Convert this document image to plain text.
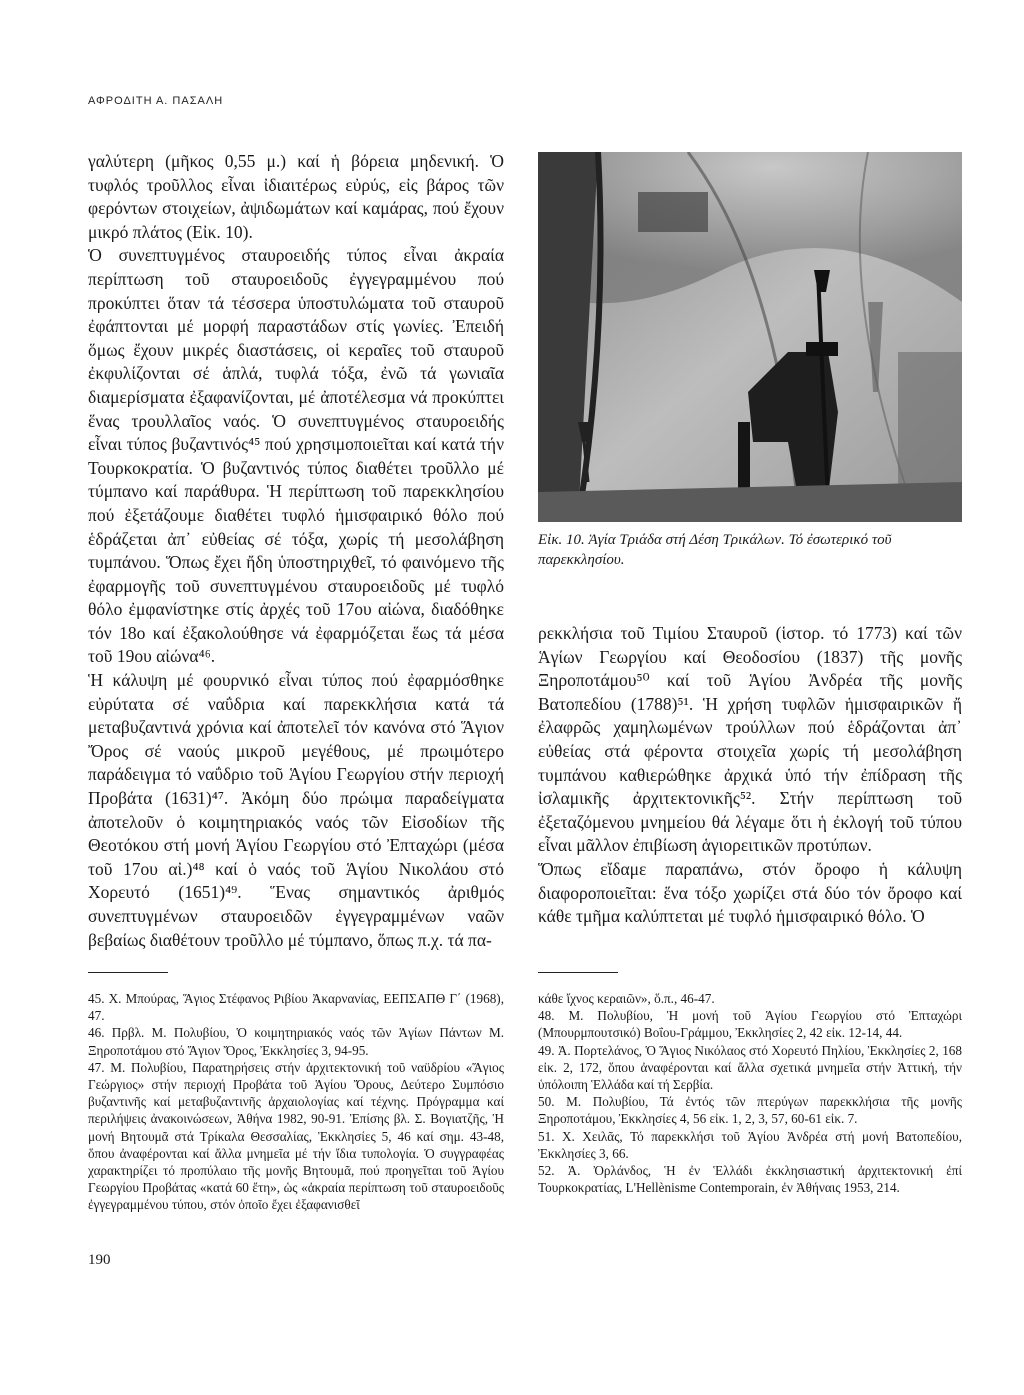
ΑΦΡΟΔΙΤΗ Α. ΠΑΣΑΛΗ

γαλύτερη (μῆκος 0,55 μ.) καί ἡ βόρεια μηδενική. Ὁ τυφλός τροῦλλος εἶναι ἰδιαιτέρως εὐρύς, εἰς βάρος τῶν φερόντων στοιχείων, ἀψιδωμάτων καί καμάρας, πού ἔχουν μικρό πλάτος (Εἰκ. 10).

Ὁ συνεπτυγμένος σταυροειδής τύπος εἶναι ἀκραία περίπτωση τοῦ σταυροειδοῦς ἐγγεγραμμένου πού προκύπτει ὅταν τά τέσσερα ὑποστυλώματα τοῦ σταυροῦ ἐφάπτονται μέ μορφή παραστάδων στίς γωνίες. Ἐπειδή ὅμως ἔχουν μικρές διαστάσεις, οἱ κεραῖες τοῦ σταυροῦ ἐκφυλίζονται σέ ἁπλά, τυφλά τόξα, ἐνῶ τά γωνιαῖα διαμερίσματα ἐξαφανίζονται, μέ ἀποτέλεσμα νά προκύπτει ἕνας τρουλλαῖος ναός. Ὁ συνεπτυγμένος σταυροειδής εἶναι τύπος βυζαντινός⁴⁵ πού χρησιμοποιεῖται καί κατά τήν Τουρκοκρατία. Ὁ βυζαντινός τύπος διαθέτει τροῦλλο μέ τύμπανο καί παράθυρα. Ἡ περίπτωση τοῦ παρεκκλησίου πού ἐξετάζουμε διαθέτει τυφλό ἡμισφαιρικό θόλο πού ἑδράζεται ἀπ᾽ εὐθείας σέ τόξα, χωρίς τή μεσολάβηση τυμπάνου. Ὅπως ἔχει ἤδη ὑποστηριχθεῖ, τό φαινόμενο τῆς ἐφαρμογῆς τοῦ συνεπτυγμένου σταυροειδοῦς μέ τυφλό θόλο ἐμφανίστηκε στίς ἀρχές τοῦ 17ου αἰώνα, διαδόθηκε τόν 18ο καί ἐξακολούθησε νά ἐφαρμόζεται ἕως τά μέσα τοῦ 19ου αἰώνα⁴⁶.

Ἡ κάλυψη μέ φουρνικό εἶναι τύπος πού ἐφαρμόσθηκε εὐρύτατα σέ ναΰδρια καί παρεκκλήσια κατά τά μεταβυζαντινά χρόνια καί ἀποτελεῖ τόν κανόνα στό Ἅγιον Ὄρος σέ ναούς μικροῦ μεγέθους, μέ πρωιμότερο παράδειγμα τό ναΰδριο τοῦ Ἁγίου Γεωργίου στήν περιοχή Προβάτα (1631)⁴⁷. Ἀκόμη δύο πρώιμα παραδείγματα ἀποτελοῦν ὁ κοιμητηριακός ναός τῶν Εἰσοδίων τῆς Θεοτόκου στή μονή Ἁγίου Γεωργίου στό Ἐπταχώρι (μέσα τοῦ 17ου αἰ.)⁴⁸ καί ὁ ναός τοῦ Ἁγίου Νικολάου στό Χορευτό (1651)⁴⁹. Ἕνας σημαντικός ἀριθμός συνεπτυγμένων σταυροειδῶν ἐγγεγραμμένων ναῶν βεβαίως διαθέτουν τροῦλλο μέ τύμπανο, ὅπως π.χ. τά πα-

Εἰκ. 10. Ἁγία Τριάδα στή Δέση Τρικάλων. Τό ἐσωτερικό τοῦ παρεκκλησίου.

ρεκκλήσια τοῦ Τιμίου Σταυροῦ (ἱστορ. τό 1773) καί τῶν Ἁγίων Γεωργίου καί Θεοδοσίου (1837) τῆς μονῆς Ξηροποτάμου⁵⁰ καί τοῦ Ἁγίου Ἀνδρέα τῆς μονῆς Βατοπεδίου (1788)⁵¹. Ἡ χρήση τυφλῶν ἡμισφαιρικῶν ἤ ἐλαφρῶς χαμηλωμένων τρούλλων πού ἑδράζονται ἀπ᾽ εὐθείας στά φέροντα στοιχεῖα χωρίς τή μεσολάβηση τυμπάνου καθιερώθηκε ἀρχικά ὑπό τήν ἐπίδραση τῆς ἰσλαμικῆς ἀρχιτεκτονικῆς⁵². Στήν περίπτωση τοῦ ἐξεταζόμενου μνημείου θά λέγαμε ὅτι ἡ ἐκλογή τοῦ τύπου εἶναι μᾶλλον ἐπιβίωση ἁγιορειτικῶν προτύπων.

Ὅπως εἴδαμε παραπάνω, στόν ὄροφο ἡ κάλυψη διαφοροποιεῖται: ἕνα τόξο χωρίζει στά δύο τόν ὄροφο καί κάθε τμῆμα καλύπτεται μέ τυφλό ἡμισφαιρικό θόλο. Ὁ

45. Χ. Μπούρας, Ἅγιος Στέφανος Ριβίου Ἀκαρνανίας, ΕΕΠΣΑΠΘ Γ΄ (1968), 47.

46. Πρβλ. Μ. Πολυβίου, Ὁ κοιμητηριακός ναός τῶν Ἁγίων Πάντων Μ. Ξηροποτάμου στό Ἅγιον Ὄρος, Ἐκκλησίες 3, 94-95.

47. Μ. Πολυβίου, Παρατηρήσεις στήν ἀρχιτεκτονική τοῦ ναϋδρίου «Ἅγιος Γεώργιος» στήν περιοχή Προβάτα τοῦ Ἁγίου Ὄρους, Δεύτερο Συμπόσιο βυζαντινῆς καί μεταβυζαντινῆς ἀρχαιολογίας καί τέχνης. Πρόγραμμα καί περιλήψεις ἀνακοινώσεων, Ἀθήνα 1982, 90-91. Ἐπίσης βλ. Σ. Βογιατζῆς, Ἡ μονή Βητουμᾶ στά Τρίκαλα Θεσσαλίας, Ἐκκλησίες 5, 46 καί σημ. 43-48, ὅπου ἀναφέρονται καί ἄλλα μνημεῖα μέ τήν ἴδια τυπολογία. Ὁ συγγραφέας χαρακτηρίζει τό προπύλαιο τῆς μονῆς Βητουμᾶ, πού προηγεῖται τοῦ Ἁγίου Γεωργίου Προβάτας «κατά 60 ἔτη», ὡς «ἀκραία περίπτωση τοῦ σταυροειδοῦς ἐγγεγραμμένου τύπου, στόν ὁποῖο ἔχει ἐξαφανισθεῖ

κάθε ἴχνος κεραιῶν», ὅ.π., 46-47.

48. Μ. Πολυβίου, Ἡ μονή τοῦ Ἁγίου Γεωργίου στό Ἐπταχώρι (Μπουρμπουτσικό) Βοΐου-Γράμμου, Ἐκκλησίες 2, 42 εἰκ. 12-14, 44.

49. Ἀ. Πορτελάνος, Ὁ Ἅγιος Νικόλαος στό Χορευτό Πηλίου, Ἐκκλησίες 2, 168 εἰκ. 2, 172, ὅπου ἀναφέρονται καί ἄλλα σχετικά μνημεῖα στήν Ἀττική, τήν ὑπόλοιπη Ἑλλάδα καί τή Σερβία.

50. Μ. Πολυβίου, Τά ἐντός τῶν πτερύγων παρεκκλήσια τῆς μονῆς Ξηροποτάμου, Ἐκκλησίες 4, 56 εἰκ. 1, 2, 3, 57, 60-61 εἰκ. 7.

51. Χ. Χειλᾶς, Τό παρεκκλήσι τοῦ Ἁγίου Ἀνδρέα στή μονή Βατοπεδίου, Ἐκκλησίες 3, 66.

52. Ἀ. Ὀρλάνδος, Ἡ ἐν Ἑλλάδι ἐκκλησιαστική ἀρχιτεκτονική ἐπί Τουρκοκρατίας, L'Hellènisme Contemporain, ἐν Ἀθήναις 1953, 214.

190
